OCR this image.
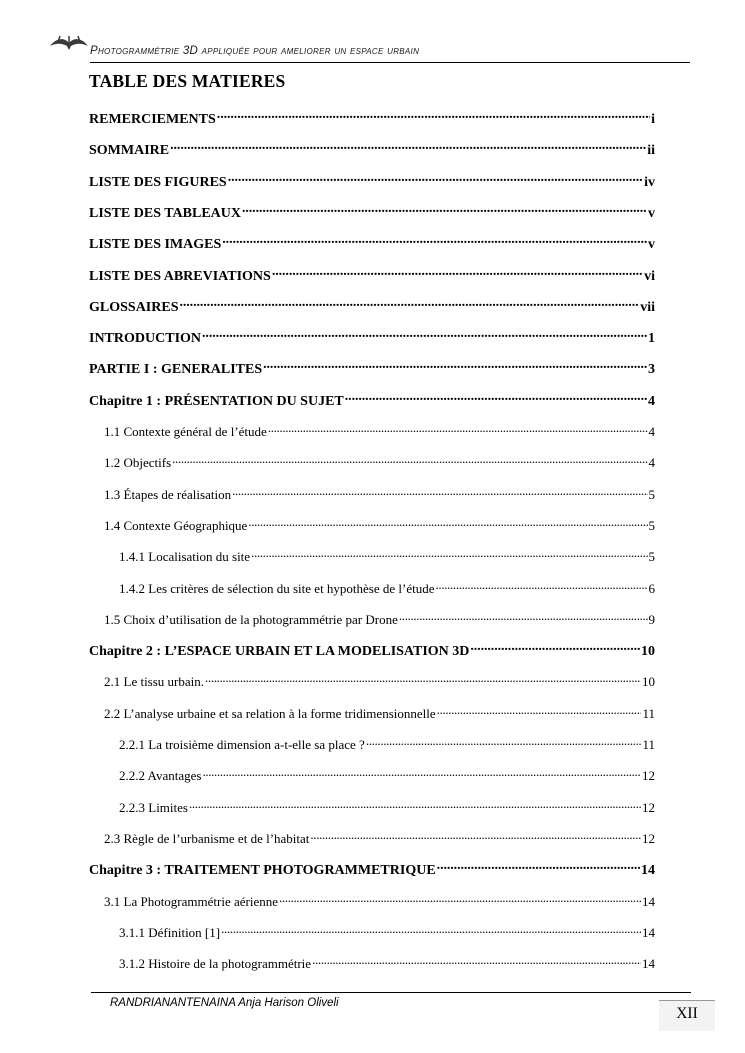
Photogrammétrie 3D appliquée pour ameliorer un espace urbain
TABLE DES MATIERES
REMERCIEMENTS . . .	i
SOMMAIRE . . .	ii
LISTE DES FIGURES . . .	iv
LISTE DES TABLEAUX . . .	v
LISTE DES IMAGES . . .	v
LISTE DES ABREVIATIONS . . .	vi
GLOSSAIRES . . .	vii
INTRODUCTION . . .	1
PARTIE I : GENERALITES . . .	3
Chapitre 1 : PRÉSENTATION DU SUJET . . .	4
1.1 Contexte général de l’étude . . .	4
1.2 Objectifs . . .	4
1.3 Étapes de réalisation . . .	5
1.4 Contexte Géographique . . .	5
1.4.1 Localisation du site . . .	5
1.4.2 Les critères de sélection du site et hypothèse de l’étude . . .	6
1.5 Choix d’utilisation de la photogrammétrie par Drone . . .	9
Chapitre 2 : L’ESPACE URBAIN ET LA MODELISATION 3D . . .	10
2.1 Le tissu urbain. . . .	10
2.2 L’analyse urbaine et sa relation à la forme tridimensionnelle . . .	11
2.2.1 La troisième dimension a-t-elle sa place ? . . .	11
2.2.2 Avantages . . .	12
2.2.3 Limites . . .	12
2.3 Règle de l’urbanisme et de l’habitat . . .	12
Chapitre 3 : TRAITEMENT PHOTOGRAMMETRIQUE . . .	14
3.1 La Photogrammétrie aérienne . . .	14
3.1.1 Définition [1] . . .	14
3.1.2 Histoire de la photogrammétrie . . .	14
RANDRIANANTENAINA Anja Harison Oliveli
XII
